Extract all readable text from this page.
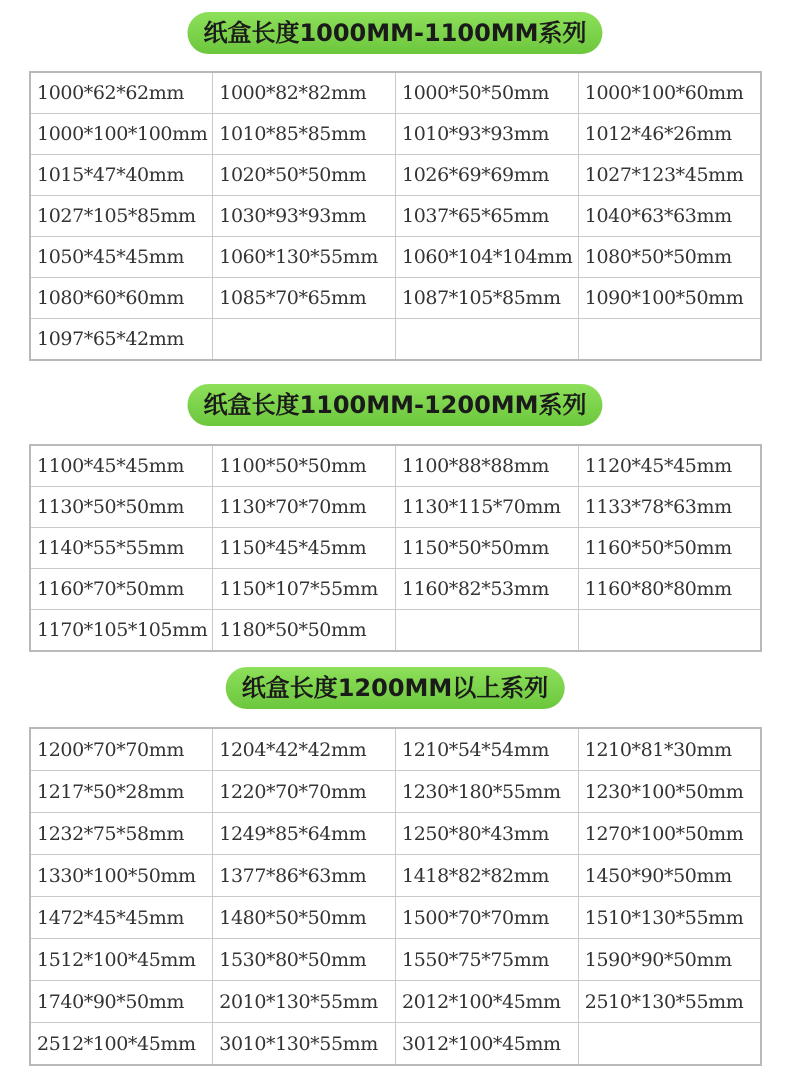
纸盒长度1000MM-1100MM系列
1000*62*62mm	1000*82*82mm	1000*50*50mm	1000*100*60mm
1000*100*100mm	1010*85*85mm	1010*93*93mm	1012*46*26mm
1015*47*40mm	1020*50*50mm	1026*69*69mm	1027*123*45mm
1027*105*85mm	1030*93*93mm	1037*65*65mm	1040*63*63mm
1050*45*45mm	1060*130*55mm	1060*104*104mm	1080*50*50mm
1080*60*60mm	1085*70*65mm	1087*105*85mm	1090*100*50mm
1097*65*42mm			
纸盒长度1100MM-1200MM系列
1100*45*45mm	1100*50*50mm	1100*88*88mm	1120*45*45mm
1130*50*50mm	1130*70*70mm	1130*115*70mm	1133*78*63mm
1140*55*55mm	1150*45*45mm	1150*50*50mm	1160*50*50mm
1160*70*50mm	1150*107*55mm	1160*82*53mm	1160*80*80mm
1170*105*105mm	1180*50*50mm		
纸盒长度1200MM以上系列
1200*70*70mm	1204*42*42mm	1210*54*54mm	1210*81*30mm
1217*50*28mm	1220*70*70mm	1230*180*55mm	1230*100*50mm
1232*75*58mm	1249*85*64mm	1250*80*43mm	1270*100*50mm
1330*100*50mm	1377*86*63mm	1418*82*82mm	1450*90*50mm
1472*45*45mm	1480*50*50mm	1500*70*70mm	1510*130*55mm
1512*100*45mm	1530*80*50mm	1550*75*75mm	1590*90*50mm
1740*90*50mm	2010*130*55mm	2012*100*45mm	2510*130*55mm
2512*100*45mm	3010*130*55mm	3012*100*45mm	
